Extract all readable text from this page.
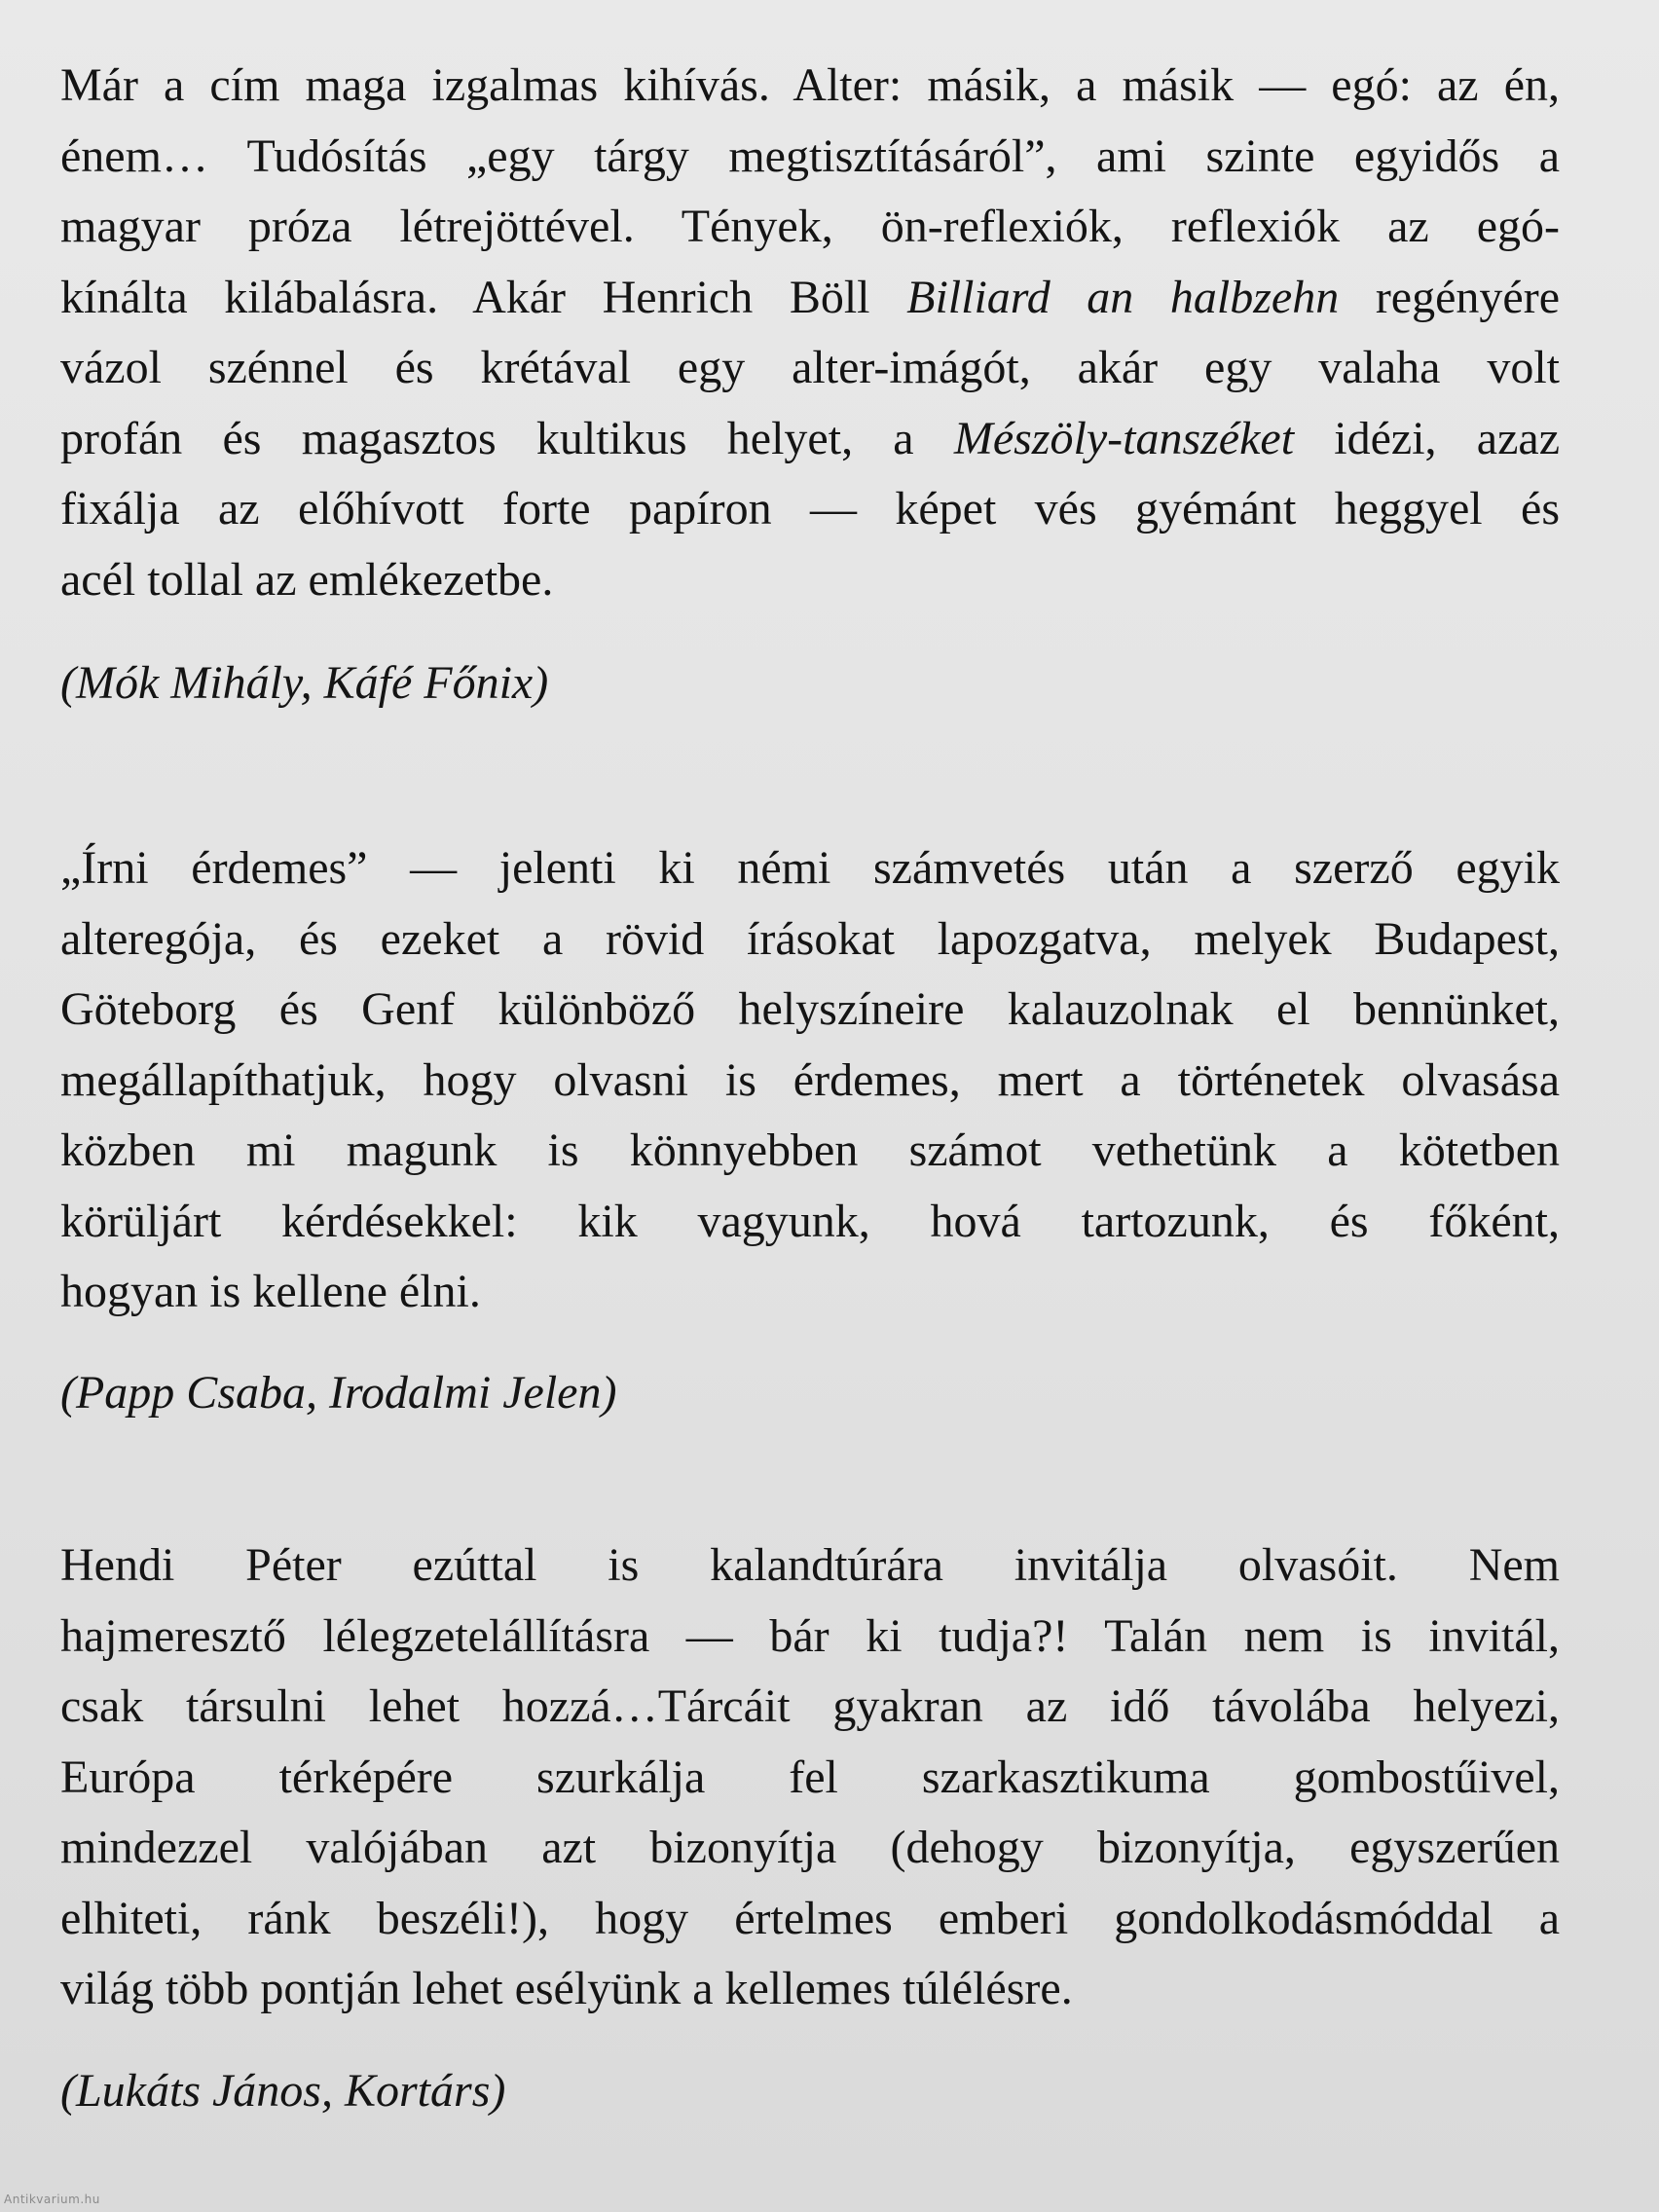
Már a cím maga izgalmas kihívás. Alter: másik, a másik — egó: az én,
énem… Tudósítás „egy tárgy megtisztításáról”, ami szinte egyidős a
magyar próza létrejöttével. Tények, ön-reflexiók, reflexiók az egó-
kínálta kilábalásra. Akár Henrich Böll Billiard an halbzehn regényére
vázol szénnel és krétával egy alter-imágót, akár egy valaha volt
profán és magasztos kultikus helyet, a Mészöly-tanszéket idézi, azaz
fixálja az előhívott forte papíron — képet vés gyémánt heggyel és
acél tollal az emlékezetbe.

(Mók Mihály, Káfé Főnix)

„Írni érdemes” — jelenti ki némi számvetés után a szerző egyik
alteregója, és ezeket a rövid írásokat lapozgatva, melyek Budapest,
Göteborg és Genf különböző helyszíneire kalauzolnak el bennünket,
megállapíthatjuk, hogy olvasni is érdemes, mert a történetek olvasása
közben mi magunk is könnyebben számot vethetünk a kötetben
körüljárt kérdésekkel: kik vagyunk, hová tartozunk, és főként,
hogyan is kellene élni.

(Papp Csaba, Irodalmi Jelen)

Hendi Péter ezúttal is kalandtúrára invitálja olvasóit. Nem
hajmeresztő lélegzetelállításra — bár ki tudja?! Talán nem is invitál,
csak társulni lehet hozzá…Tárcáit gyakran az idő távolába helyezi,
Európa térképére szurkálja fel szarkasztikuma gombostűivel,
mindezzel valójában azt bizonyítja (dehogy bizonyítja, egyszerűen
elhiteti, ránk beszéli!), hogy értelmes emberi gondolkodásmóddal a
világ több pontján lehet esélyünk a kellemes túlélésre.

(Lukáts János, Kortárs)

Antikvarium.hu
